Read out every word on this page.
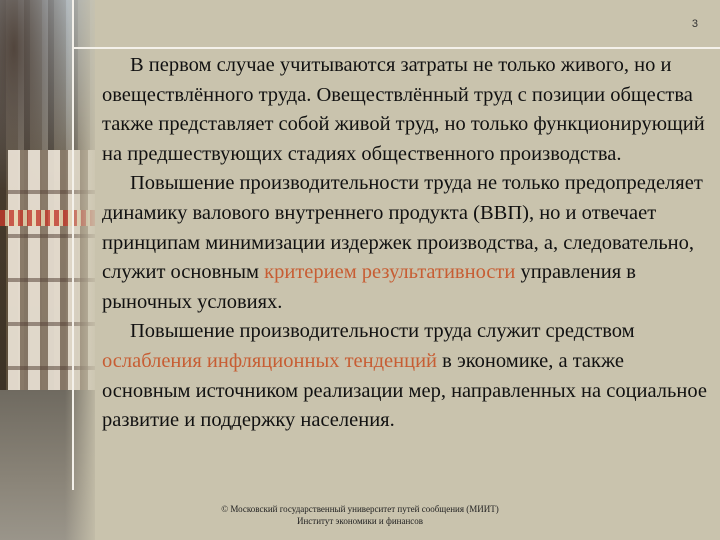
3

В первом случае учитываются затраты не только живого, но и овеществлённого труда. Овеществлённый труд с позиции общества также представляет собой живой труд, но только функционирующий на предшествующих стадиях общественного производства.

Повышение производительности труда не только предопределяет динамику валового внутреннего продукта (ВВП), но и отвечает принципам минимизации издержек производства, а, следовательно, служит основным критерием результативности управления в рыночных условиях.

Повышение производительности труда служит средством ослабления инфляционных тенденций в экономике, а также основным источником реализации мер, направленных на социальное развитие и поддержку населения.

© Московский государственный университет путей сообщения (МИИТ)
Институт экономики и финансов
